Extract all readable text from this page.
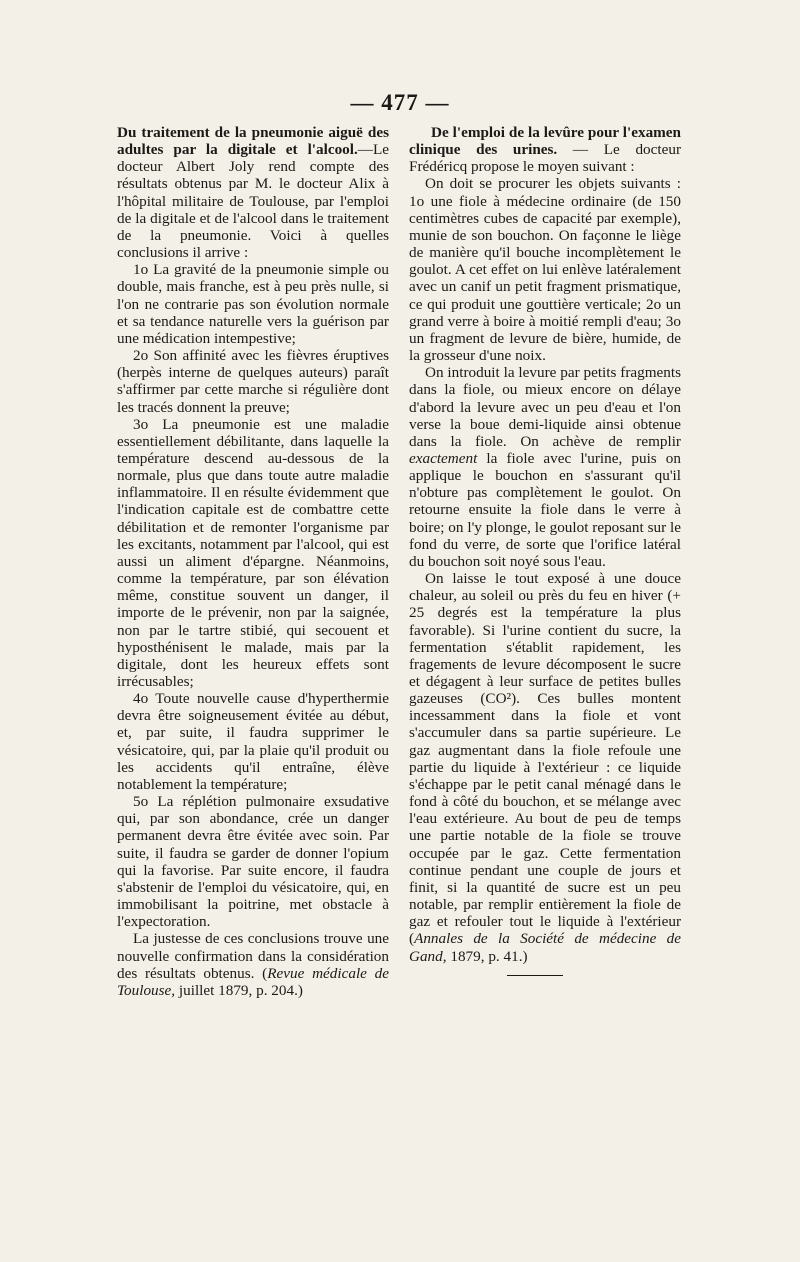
— 477 —

Du traitement de la pneumonie aiguë des adultes par la digitale et l'alcool.—Le docteur Albert Joly rend compte des résultats obtenus par M. le docteur Alix à l'hôpital militaire de Toulouse, par l'emploi de la digitale et de l'alcool dans le traitement de la pneumonie. Voici à quelles conclusions il arrive :

1o La gravité de la pneumonie simple ou double, mais franche, est à peu près nulle, si l'on ne contrarie pas son évolution normale et sa tendance naturelle vers la guérison par une médication intempestive;

2o Son affinité avec les fièvres éruptives (herpès interne de quelques auteurs) paraît s'affirmer par cette marche si régulière dont les tracés donnent la preuve;

3o La pneumonie est une maladie essentiellement débilitante, dans laquelle la température descend au-dessous de la normale, plus que dans toute autre maladie inflammatoire. Il en résulte évidemment que l'indication capitale est de combattre cette débilitation et de remonter l'organisme par les excitants, notamment par l'alcool, qui est aussi un aliment d'épargne. Néanmoins, comme la température, par son élévation même, constitue souvent un danger, il importe de le prévenir, non par la saignée, non par le tartre stibié, qui secouent et hyposthénisent le malade, mais par la digitale, dont les heureux effets sont irrécusables;

4o Toute nouvelle cause d'hyperthermie devra être soigneusement évitée au début, et, par suite, il faudra supprimer le vésicatoire, qui, par la plaie qu'il produit ou les accidents qu'il entraîne, élève notablement la température;

5o La réplétion pulmonaire exsudative qui, par son abondance, crée un danger permanent devra être évitée avec soin. Par suite, il faudra se garder de donner l'opium qui la favorise. Par suite encore, il faudra s'abstenir de l'emploi du vésicatoire, qui, en immobilisant la poitrine, met obstacle à l'expectoration.

La justesse de ces conclusions trouve une nouvelle confirmation dans la considération des résultats obtenus. (Revue médicale de Toulouse, juillet 1879, p. 204.)

De l'emploi de la levûre pour l'examen clinique des urines. — Le docteur Frédéricq propose le moyen suivant :

On doit se procurer les objets suivants : 1o une fiole à médecine ordinaire (de 150 centimètres cubes de capacité par exemple), munie de son bouchon. On façonne le liège de manière qu'il bouche incomplètement le goulot. A cet effet on lui enlève latéralement avec un canif un petit fragment prismatique, ce qui produit une gouttière verticale; 2o un grand verre à boire à moitié rempli d'eau; 3o un fragment de levure de bière, humide, de la grosseur d'une noix.

On introduit la levure par petits fragments dans la fiole, ou mieux encore on délaye d'abord la levure avec un peu d'eau et l'on verse la boue demi-liquide ainsi obtenue dans la fiole. On achève de remplir exactement la fiole avec l'urine, puis on applique le bouchon en s'assurant qu'il n'obture pas complètement le goulot. On retourne ensuite la fiole dans le verre à boire; on l'y plonge, le goulot reposant sur le fond du verre, de sorte que l'orifice latéral du bouchon soit noyé sous l'eau.

On laisse le tout exposé à une douce chaleur, au soleil ou près du feu en hiver (+ 25 degrés est la température la plus favorable). Si l'urine contient du sucre, la fermentation s'établit rapidement, les fragements de levure décomposent le sucre et dégagent à leur surface de petites bulles gazeuses (CO²). Ces bulles montent incessamment dans la fiole et vont s'accumuler dans sa partie supérieure. Le gaz augmentant dans la fiole refoule une partie du liquide à l'extérieur : ce liquide s'échappe par le petit canal ménagé dans le fond à côté du bouchon, et se mélange avec l'eau extérieure. Au bout de peu de temps une partie notable de la fiole se trouve occupée par le gaz. Cette fermentation continue pendant une couple de jours et finit, si la quantité de sucre est un peu notable, par remplir entièrement la fiole de gaz et refouler tout le liquide à l'extérieur (Annales de la Société de médecine de Gand, 1879, p. 41.)
